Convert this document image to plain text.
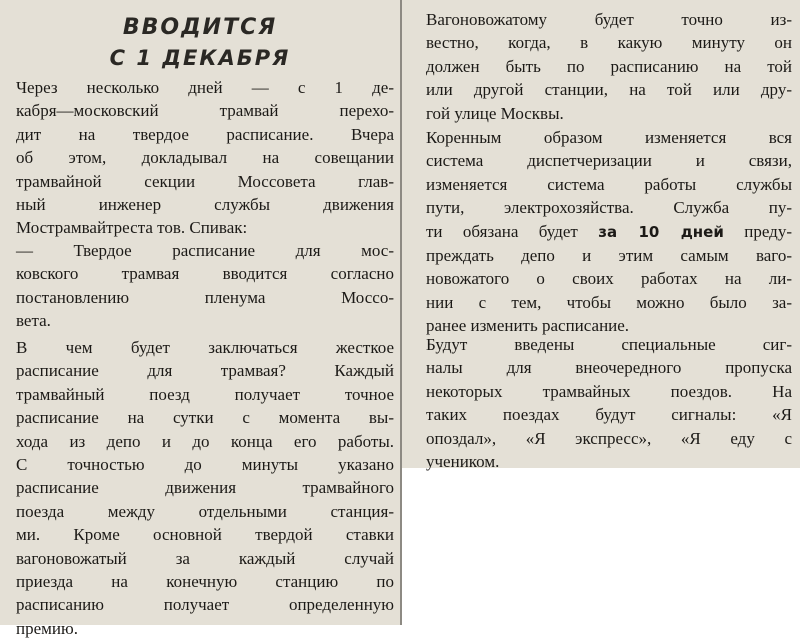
ВВОДИТСЯ
С 1 ДЕКАБРЯ

Через несколько дней — с 1 де-
кабря—московский трамвай перехо-
дит на твердое расписание. Вчера
об этом, докладывал на совещании
трамвайной секции Моссовета глав-
ный инженер службы движения
Мострамвайтреста тов. Спивак:

— Твердое расписание для мос-
ковского трамвая вводится согласно
постановлению пленума Моссо-
вета.

В чем будет заключаться жесткое
расписание для трамвая? Каждый
трамвайный поезд получает точное
расписание на сутки с момента вы-
хода из депо и до конца его работы.
С точностью до минуты указано
расписание движения трамвайного
поезда между отдельными станция-
ми. Кроме основной твердой ставки
вагоновожатый за каждый случай
приезда на конечную станцию по
расписанию получает определенную
премию.

Вагоновожатому будет точно из-
вестно, когда, в какую минуту он
должен быть по расписанию на той
или другой станции, на той или дру-
гой улице Москвы.

Коренным образом изменяется вся
система диспетчеризации и связи,
изменяется система работы службы
пути, электрохозяйства. Служба пу-
ти обязана будет за 10 дней преду-
преждать депо и этим самым ваго-
новожатого о своих работах на ли-
нии с тем, чтобы можно было за-
ранее изменить расписание.

Будут введены специальные сиг-
налы для внеочередного пропуска
некоторых трамвайных поездов. На
таких поездах будут сигналы: «Я
опоздал», «Я экспресс», «Я еду с
учеником.
